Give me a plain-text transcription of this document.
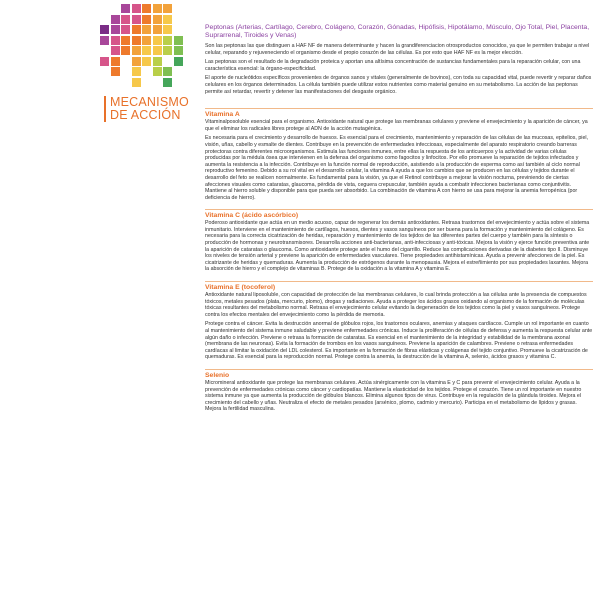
MECANISMO DE ACCIÓN

Peptonas (Arterias, Cartílago, Cerebro, Colágeno, Corazón, Gónadas, Hipófisis, Hipotálamo, Músculo, Ojo Total, Piel, Placenta, Suprarrenal, Tiroides y Venas)

Son las peptonas las que distinguen a HAF NF de manera determinante y hacen la grandiferenciacion otrosproductos conocidos, ya que le permiten trabajar a nivel celular, reparando y rejuveneciendo el organismo desde el propio corazón de las células. Es por esto que HAF NF es la mejor elección.

Las peptonas son el resultado de la degradación proteica y aportan una altísima concentración de sustancias fundamentales para la reparación celular, con una característica esencial: la órgano-especificidad.

El aporte de nucleótidos específicos provenientes de órganos sanos y vitales (generalmente de bovinos), con toda su capacidad vital, puede revertir y reparar daños celulares en los órganos determinados. La célula también puede utilizar estos nutrientes como material genuino en su metabolismo. La acción de las peptonas permite así retardar, revertir y detener las manifestaciones del desgaste orgánico.

Vitamina A

Vitaminalposoluble esencial para el organismo. Antioxidante natural que protege las membranas celulares y previene el envejecimiento y la aparición de cáncer, ya que el eliminar los radicales libres protege al ADN de la acción mutagénica.

Es necesaria para el crecimiento y desarrollo de huesos. Es esencial para el crecimiento, mantenimiento y reparación de las células de las mucosas, epitelios, piel, visión, uñas, cabello y esmalte de dientes. Contribuye en la prevención de enfermedades infecciosas, especialmente del aparato respiratorio creando barreras protectoras contra diferentes microorganismos. Estimula las funciones inmunes, entre ellas la respuesta de los anticuerpos y la actividad de varias células producidas por la médula ósea que intervienen en la defensa del organismo como fagocitos y linfocitos. Por ello promueve la reparación de tejidos infectados y aumenta la resistencia a la infección. Contribuye en la función normal de reproducción, asistiendo a la producción de esperma como así también al ciclo normal reproductivo femenino. Debido a su rol vital en el desarrollo celular, la vitamina A ayuda a que los cambios que se producen en las células y tejidos durante el desarrollo del feto se realicen normalmente. Es fundamental para la visión, ya que el Retinol contribuye a mejorar la visión nocturna, previniendo de ciertas afecciones visuales como cataratas, glaucoma, pérdida de vista, ceguera crepuscular, también ayuda a combatir infecciones bacterianas como conjuntivitis. Mantiene al hierro soluble y disponible para que pueda ser absorbido. La combinación de vitamina A con hierro se usa para mejorar la anemia ferropénica (por deficiencia de hierro).

Vitamina C (ácido ascórbico)

Poderoso antioxidante que actúa en un medio acuoso, capaz de regenerar los demás antioxidantes. Retrasa trastornos del envejecimiento y actúa sobre el sistema inmunitario. Interviene en el mantenimiento de cartílagos, huesos, dientes y vasos sanguíneos por ser buena para la formación y mantenimiento del colágeno. Es necesaria para la correcta cicatrización de heridas, reparación y mantenimiento de los tejidos de las diferentes partes del cuerpo y también para la síntesis o producción de hormonas y neurotransmisores. Desarrolla acciones anti-bacterianas, anti-infecciosas y anti-tóxicas. Mejora la visión y ejerce función preventiva ante la aparición de cataratas o glaucoma. Como antioxidante protege ante el humo del cigarrillo. Reduce las complicaciones derivadas de la diabetes tipo II. Disminuye los niveles de tensión arterial y previene la aparición de enfermedades vasculares. Tiene propiedades antihistamínicas. Ayuda a prevenir afecciones de la piel. Es cicatrizante de heridas y quemaduras. Aumenta la producción de estrógenos durante la menopausia. Mejora el estreñimiento por sus propiedades laxantes. Mejora la absorción de hierro y el complejo de vitaminas B. Protege de la oxidación a la vitamina A y vitamina E.

Vitamina E (tocoferol)

Antioxidante natural liposoluble, con capacidad de protección de las membranas celulares, lo cual brinda protección a las células ante la presencia de compuestos tóxicos, metales pesados (plata, mercurio, plomo), drogas y radiaciones. Ayuda a proteger los ácidos grasos oxidando al organismo de la formación de moléculas tóxicas resultantes del metabolismo normal. Retrasa el envejecimiento celular evitando la degeneración de los tejidos como la piel y vasos sanguíneos. Protege contra los efectos mentales del envejecimiento como la pérdida de memoria.

Protege contra el cáncer. Evita la destrucción anormal de glóbulos rojos, los trastornos oculares, anemias y ataques cardíacos. Cumple un rol importante en cuanto al mantenimiento del sistema inmune saludable y previene enfermedades crónicas. Induce la proliferación de células de defensa y aumenta la respuesta celular ante algún daño o infección. Previene o retrasa la formación de cataratas. Es esencial en el mantenimiento de la integridad y estabilidad de la membrana axonal (membrana de las neuronas). Evita la formación de trombos en los vasos sanguíneos. Previene la aparición de calambres. Previene o retrasa enfermedades cardíacas al limitar la oxidación del LDL colesterol. Es importante en la formación de fibras elásticas y colágenas del tejido conjuntivo. Promueve la cicatrización de quemaduras. Es esencial para la reproducción normal. Protege contra la anemia, la destrucción de la vitamina A, selenio, ácidos grasos y vitamina C.

Selenio

Micromineral antioxidante que protege las membranas celulares. Actúa sinérgicamente con la vitamina E y C para prevenir el envejecimiento celular. Ayuda a la prevención de enfermedades crónicas como cáncer y cardiopatías. Mantiene la elasticidad de los tejidos. Protege el corazón. Tiene un rol importante en nuestro sistema inmune ya que aumenta la producción de glóbulos blancos. Elimina algunos tipos de virus. Contribuye en la regulación de la glándula tiroides. Mejora el crecimiento del cabello y uñas. Neutraliza el efecto de metales pesados (arsénico, plomo, cadmio y mercurio). Participa en el metabolismo de lípidos y grasas. Mejora la fertilidad masculina.
